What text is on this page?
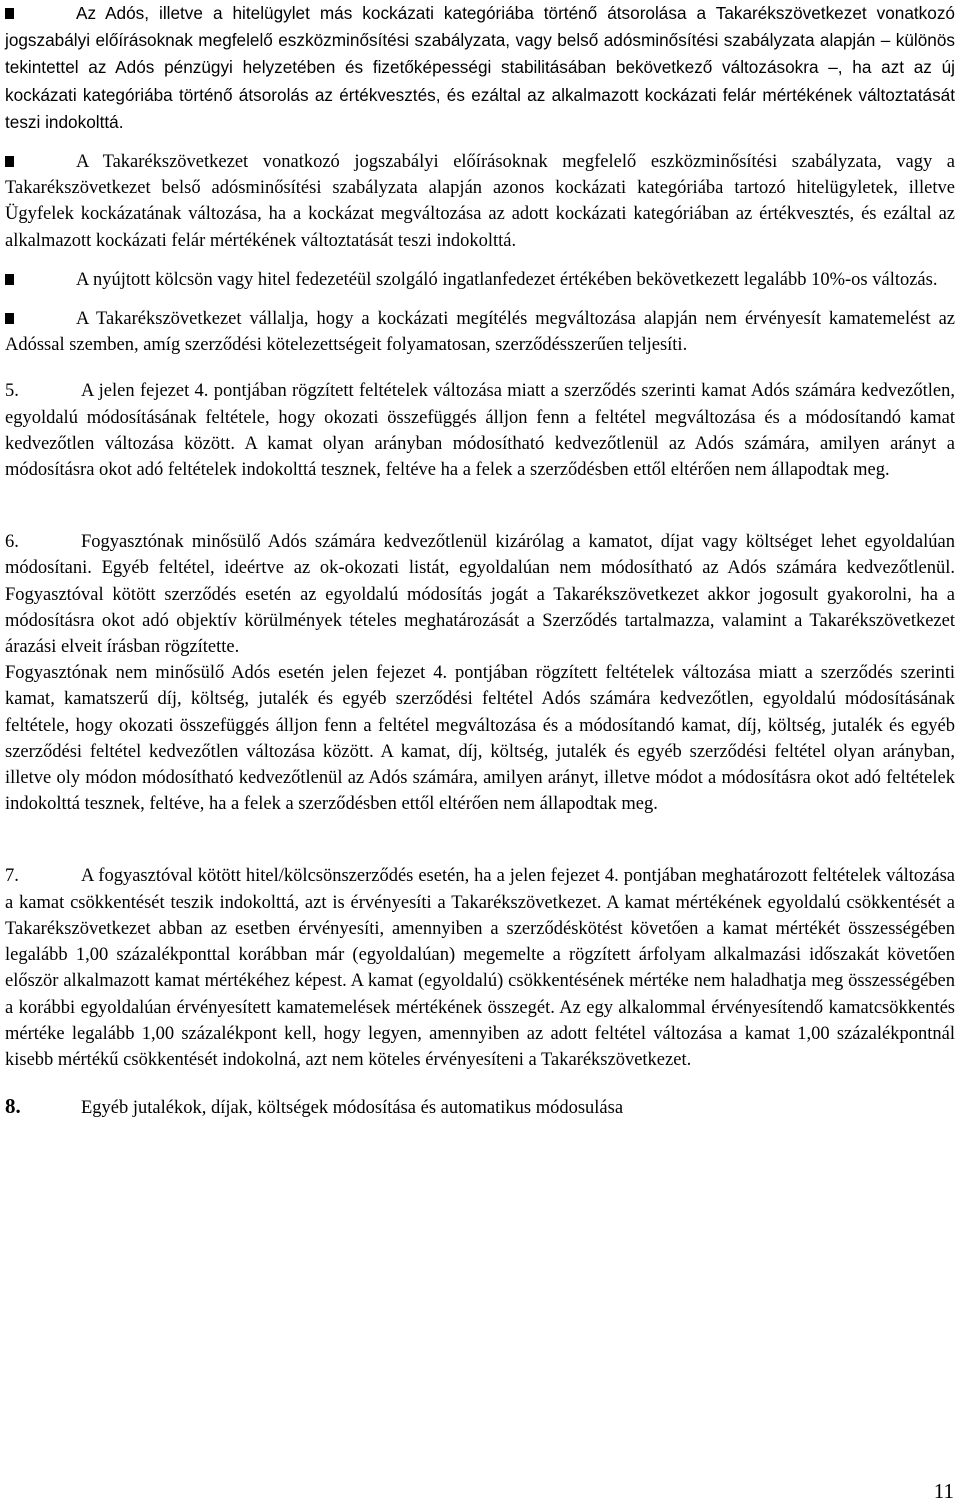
Az Adós, illetve a hitelügylet más kockázati kategóriába történő átsorolása a Takarékszövetkezet vonatkozó jogszabályi előírásoknak megfelelő eszközminősítési szabályzata, vagy belső adósminősítési szabályzata alapján – különös tekintettel az Adós pénzügyi helyzetében és fizetőképességi stabilitásában bekövetkező változásokra –, ha azt az új kockázati kategóriába történő átsorolás az értékvesztés, és ezáltal az alkalmazott kockázati felár mértékének változtatását teszi indokolttá.

A Takarékszövetkezet vonatkozó jogszabályi előírásoknak megfelelő eszközminősítési szabályzata, vagy a Takarékszövetkezet belső adósminősítési szabályzata alapján azonos kockázati kategóriába tartozó hitelügyletek, illetve Ügyfelek kockázatának változása, ha a kockázat megváltozása az adott kockázati kategóriában az értékvesztés, és ezáltal az alkalmazott kockázati felár mértékének változtatását teszi indokolttá.

A nyújtott kölcsön vagy hitel fedezetéül szolgáló ingatlanfedezet értékében bekövetkezett legalább 10%-os változás.

A Takarékszövetkezet vállalja, hogy a kockázati megítélés megváltozása alapján nem érvényesít kamatemelést az Adóssal szemben, amíg szerződési kötelezettségeit folyamatosan, szerződésszerűen teljesíti.

5.	A jelen fejezet 4. pontjában rögzített feltételek változása miatt a szerződés szerinti kamat Adós számára kedvezőtlen, egyoldalú módosításának feltétele, hogy okozati összefüggés álljon fenn a feltétel megváltozása és a módosítandó kamat kedvezőtlen változása között. A kamat olyan arányban módosítható kedvezőtlenül az Adós számára, amilyen arányt a módosításra okot adó feltételek indokolttá tesznek, feltéve ha a felek a szerződésben ettől eltérően nem állapodtak meg.

6.	Fogyasztónak minősülő Adós számára kedvezőtlenül kizárólag a kamatot, díjat vagy költséget lehet egyoldalúan módosítani. Egyéb feltétel, ideértve az ok-okozati listát, egyoldalúan nem módosítható az Adós számára kedvezőtlenül. Fogyasztóval kötött szerződés esetén az egyoldalú módosítás jogát a Takarékszövetkezet akkor jogosult gyakorolni, ha a módosításra okot adó objektív körülmények tételes meghatározását a Szerződés tartalmazza, valamint a Takarékszövetkezet árazási elveit írásban rögzítette.

Fogyasztónak nem minősülő Adós esetén jelen fejezet 4. pontjában rögzített feltételek változása miatt a szerződés szerinti kamat, kamatszerű díj, költség, jutalék és egyéb szerződési feltétel Adós számára kedvezőtlen, egyoldalú módosításának feltétele, hogy okozati összefüggés álljon fenn a feltétel megváltozása és a módosítandó kamat, díj, költség, jutalék és egyéb szerződési feltétel kedvezőtlen változása között. A kamat, díj, költség, jutalék és egyéb szerződési feltétel olyan arányban, illetve oly módon módosítható kedvezőtlenül az Adós számára, amilyen arányt, illetve módot a módosításra okot adó feltételek indokolttá tesznek, feltéve, ha a felek a szerződésben ettől eltérően nem állapodtak meg.

7.	A fogyasztóval kötött hitel/kölcsönszerződés esetén, ha a jelen fejezet 4. pontjában meghatározott feltételek változása a kamat csökkentését teszik indokolttá, azt is érvényesíti a Takarékszövetkezet. A kamat mértékének egyoldalú csökkentését a Takarékszövetkezet abban az esetben érvényesíti, amennyiben a szerződéskötést követően a kamat mértékét összességében legalább 1,00 százalékponttal korábban már (egyoldalúan) megemelte a rögzített árfolyam alkalmazási időszakát követően először alkalmazott kamat mértékéhez képest. A kamat (egyoldalú) csökkentésének mértéke nem haladhatja meg összességében a korábbi egyoldalúan érvényesített kamatemelések mértékének összegét. Az egy alkalommal érvényesítendő kamatcsökkentés mértéke legalább 1,00 százalékpont kell, hogy legyen, amennyiben az adott feltétel változása a kamat 1,00 százalékpontnál kisebb mértékű csökkentését indokolná, azt nem köteles érvényesíteni a Takarékszövetkezet.

8.	Egyéb jutalékok, díjak, költségek módosítása és automatikus módosulása

11
